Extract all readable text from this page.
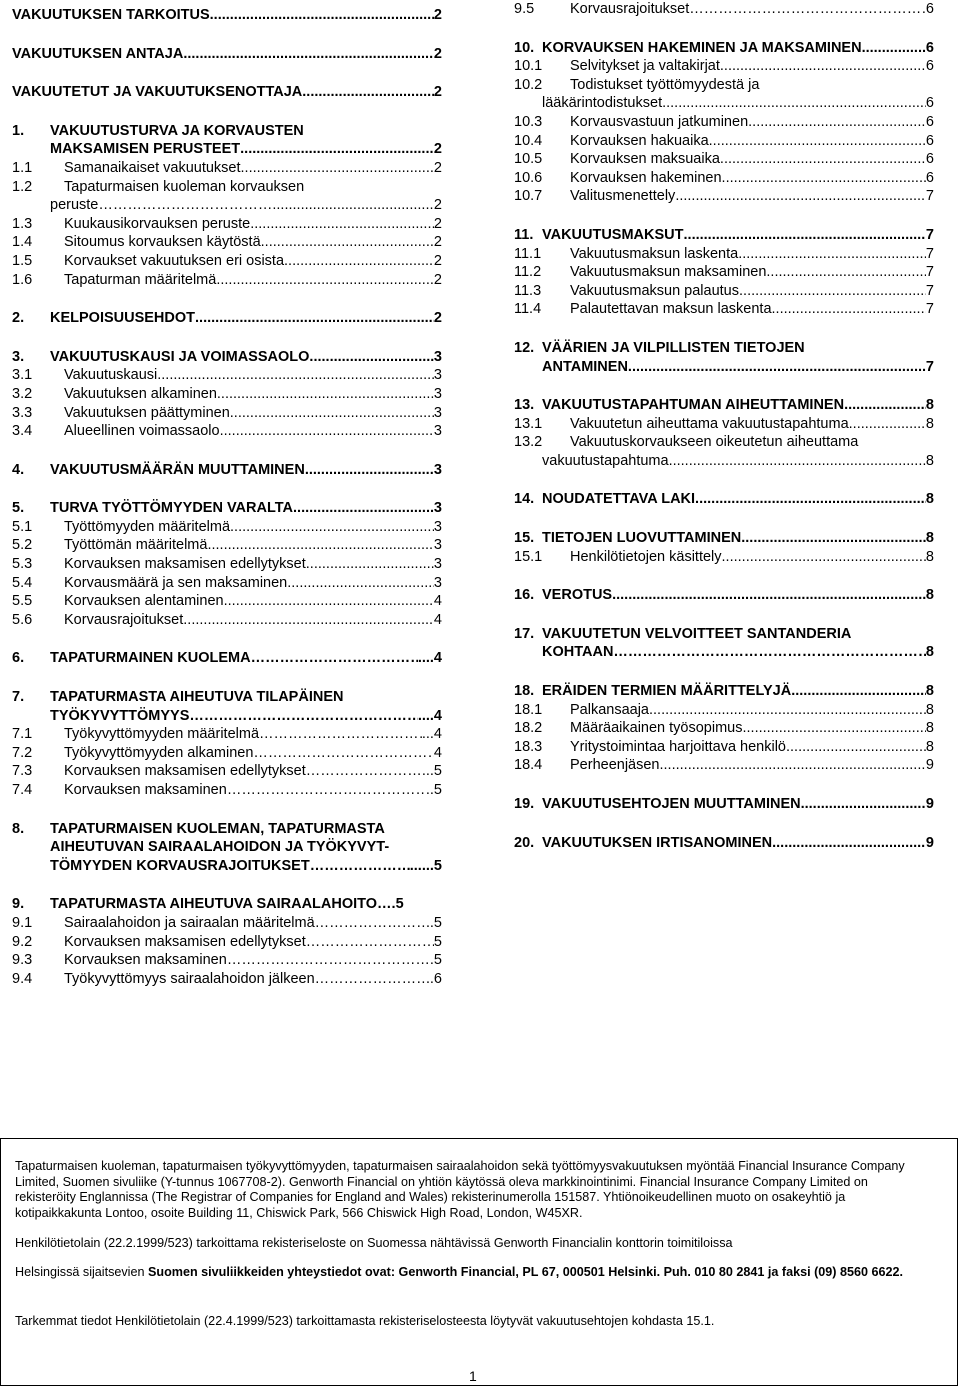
VAKUUTUKSEN TARKOITUS .....	2
VAKUUTUKSEN ANTAJA .....	2
VAKUUTETUT JA VAKUUTUKSENOTTAJA .....	2
1.	VAKUUTUSTURVA JA KORVAUSTEN
MAKSAMISEN PERUSTEET .....	2
1.1	Samanaikaiset vakuutukset .....	2
1.2	Tapaturmaisen kuoleman korvauksen
peruste……………………………….. .....	2
1.3	Kuukausikorvauksen peruste .....	2
1.4	Sitoumus korvauksen käytöstä .....	2
1.5	Korvaukset vakuutuksen eri osista .....	2
1.6	Tapaturman määritelmä .....	2
2.	KELPOISUUSEHDOT .....	2
3.	VAKUUTUSKAUSI JA VOIMASSAOLO .....	3
3.1	Vakuutuskausi .....	3
3.2	Vakuutuksen alkaminen .....	3
3.3	Vakuutuksen päättyminen .....	3
3.4	Alueellinen voimassaolo .....	3
4.	VAKUUTUSMÄÄRÄN MUUTTAMINEN .....	3
5.	TURVA TYÖTTÖMYYDEN VARALTA .....	3
5.1	Työttömyyden määritelmä .....	3
5.2	Työttömän määritelmä .....	3
5.3	Korvauksen maksamisen edellytykset .....	3
5.4	Korvausmäärä ja sen maksaminen .....	3
5.5	Korvauksen alentaminen .....	4
5.6	Korvausrajoitukset .....	4
6.	TAPATURMAINEN KUOLEMA ……………………………………………………………………………………………………………………………………………………………………	....4
7.	TAPATURMASTA AIHEUTUVA TILAPÄINEN
TYÖKYVYTTÖMYYS ……………………………………………………………………………………………………………………………………………………………………	....4
7.1	Työkyvyttömyyden määritelmä ……………………………………………………………………………………………………………………………………………………………………	...4
7.2	Työkyvyttömyyden alkaminen ……………………………………………………………………………………………………………………………………………………………………	4
7.3	Korvauksen maksamisen edellytykset ……………………………………………………………………………………………………………………………………………………………………	...5
7.4	Korvauksen maksaminen ……………………………………………………………………………………………………………………………………………………………………	..5
8.	TAPATURMAISEN KUOLEMAN, TAPATURMASTA
AIHEUTUVAN SAIRAALAHOIDON JA TYÖKYVYT-
TÖMYYDEN KORVAUSRAJOITUKSET ……………………………………………………………………………………………………………………………………………………………………	......5
9.	TAPATURMASTA AIHEUTUVA SAIRAALAHOITO ….5
9.1	Sairaalahoidon ja sairaalan määritelmä ……………………………………………………………………………………………………………………………………………………………………	.5
9.2	Korvauksen maksamisen edellytykset ……………………………………………………………………………………………………………………………………………………………………	5
9.3	Korvauksen maksaminen ……………………………………………………………………………………………………………………………………………………………………	.5
9.4	Työkyvyttömyys sairaalahoidon jälkeen ……………………………………………………………………………………………………………………………………………………………………	.6
9.5	Korvausrajoitukset ……………………………………………………………………………………………………………………………………………………………………	.6
10. KORVAUKSEN HAKEMINEN JA MAKSAMINEN .....	6
10.1	Selvitykset ja valtakirjat .....	6
10.2	Todistukset työttömyydestä ja
lääkärintodistukset .....	6
10.3	Korvausvastuun jatkuminen .....	6
10.4	Korvauksen hakuaika .....	6
10.5	Korvauksen maksuaika .....	6
10.6	Korvauksen hakeminen .....	6
10.7	Valitusmenettely .....	7
11. VAKUUTUSMAKSUT .....	7
11.1	Vakuutusmaksun laskenta .....	7
11.2	Vakuutusmaksun maksaminen .....	7
11.3	Vakuutusmaksun palautus .....	7
11.4	Palautettavan maksun laskenta .....	7
12. VÄÄRIEN JA VILPILLISTEN TIETOJEN
ANTAMINEN .....	7
13. VAKUUTUSTAPAHTUMAN AIHEUTTAMINEN .....	8
13.1	Vakuutetun aiheuttama vakuutustapahtuma .....	8
13.2	Vakuutuskorvaukseen oikeutetun aiheuttama
vakuutustapahtuma .....	8
14. NOUDATETTAVA LAKI .....	8
15. TIETOJEN LUOVUTTAMINEN .....	8
15.1	Henkilötietojen käsittely .....	8
16. VEROTUS .....	8
17. VAKUUTETUN VELVOITTEET SANTANDERIA
KOHTAAN ……………………………………………………………………………………………………………………………………………………………………	8
18. ERÄIDEN TERMIEN MÄÄRITTELYJÄ .....	8
18.1	Palkansaaja .....	8
18.2	Määräaikainen työsopimus .....	8
18.3	Yritystoimintaa harjoittava henkilö .....	8
18.4	Perheenjäsen .....	9
19. VAKUUTUSEHTOJEN MUUTTAMINEN .....	9
20. VAKUUTUKSEN IRTISANOMINEN .....	9

Tapaturmaisen kuoleman, tapaturmaisen työkyvyttömyyden, tapaturmaisen sairaalahoidon sekä työttömyysvakuutuksen myöntää Financial Insurance Company Limited, Suomen sivuliike (Y-tunnus 1067708-2). Genworth Financial on yhtiön käytössä oleva markkinointinimi. Financial Insurance Company Limited on rekisteröity Englannissa (The Registrar of Companies for England and Wales) rekisterinumerolla 151587. Yhtiönoikeudellinen muoto on osakeyhtiö ja kotipaikkakunta Lontoo, osoite Building 11, Chiswick Park, 566 Chiswick High Road, London, W45XR.

Henkilötietolain (22.2.1999/523) tarkoittama rekisteriseloste on Suomessa nähtävissä Genworth Financialin konttorin toimitiloissa

Helsingissä sijaitsevien Suomen sivuliikkeiden yhteystiedot ovat: Genworth Financial, PL 67, 000501 Helsinki. Puh. 010 80 2841 ja faksi (09) 8560 6622.

Tarkemmat tiedot Henkilötietolain (22.4.1999/523) tarkoittamasta rekisteriselosteesta löytyvät vakuutusehtojen kohdasta 15.1.

1
